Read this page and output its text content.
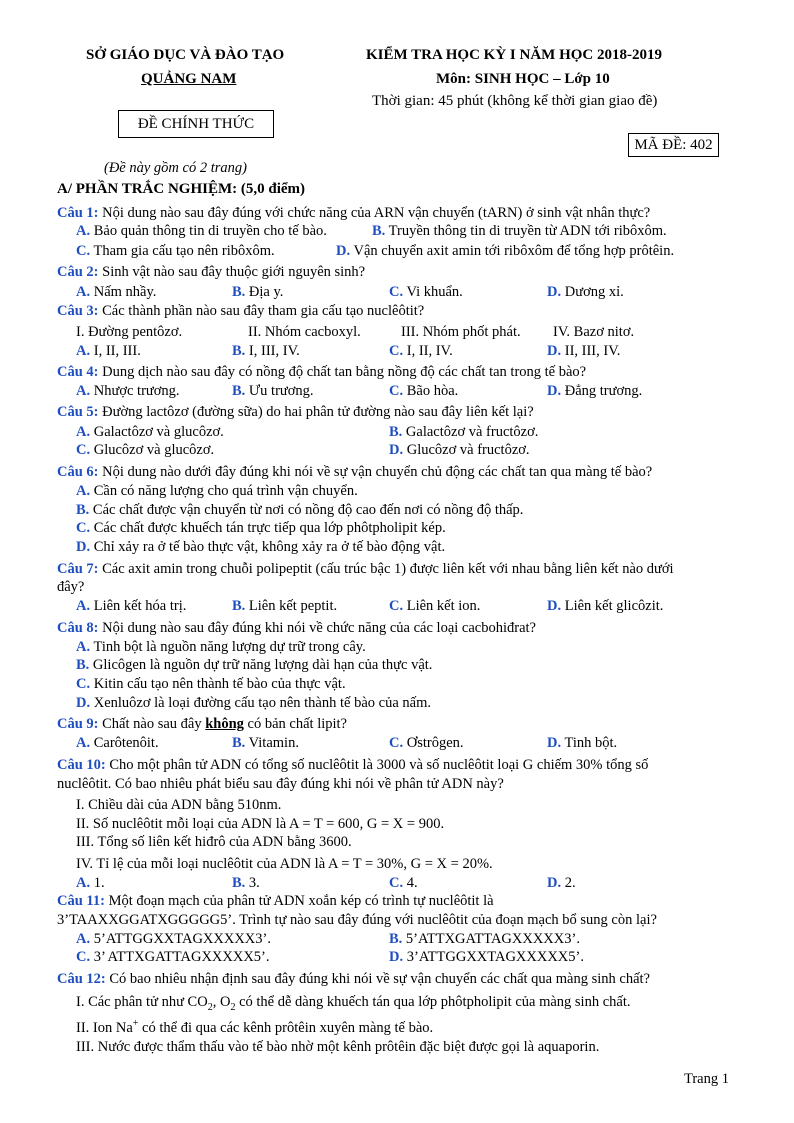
SỞ GIÁO DỤC VÀ ĐÀO TẠO
QUẢNG NAM
KIỂM TRA HỌC KỲ I NĂM HỌC 2018-2019
Môn: SINH HỌC – Lớp 10
Thời gian: 45 phút (không kể thời gian giao đề)
ĐỀ CHÍNH THỨC
MÃ ĐỀ: 402
(Đề này gồm có 2 trang)
A/ PHẦN TRẮC NGHIỆM: (5,0 điểm)
Câu 1: Nội dung nào sau đây đúng với chức năng của ARN vận chuyển (tARN) ở sinh vật nhân thực?
A. Bảo quản thông tin di truyền cho tế bào.	B. Truyền thông tin di truyền từ ADN tới ribôxôm.
C. Tham gia cấu tạo nên ribôxôm.	D. Vận chuyển axit amin tới ribôxôm để tổng hợp prôtêin.
Câu 2: Sinh vật nào sau đây thuộc giới nguyên sinh?
A. Nấm nhầy.	B. Địa y.	C. Vi khuẩn.	D. Dương xỉ.
Câu 3: Các thành phần nào sau đây tham gia cấu tạo nuclêôtit?
I. Đường pentôzơ.	II. Nhóm cacboxyl.	III. Nhóm phốt phát. IV. Bazơ nitơ.
A. I, II, III.	B. I, III, IV.	C. I, II, IV.	D. II, III, IV.
Câu 4: Dung dịch nào sau đây có nồng độ chất tan bằng nồng độ các chất tan trong tế bào?
A. Nhược trương.	B. Ưu trương.	C. Bão hòa.	D. Đẳng trương.
Câu 5: Đường lactôzơ (đường sữa) do hai phân tử đường nào sau đây liên kết lại?
A. Galactôzơ và glucôzơ.	B. Galactôzơ và fructôzơ.
C. Glucôzơ và glucôzơ.	D. Glucôzơ và fructôzơ.
Câu 6: Nội dung nào dưới đây đúng khi nói về sự vận chuyển chủ động các chất tan qua màng tế bào?
A. Cần có năng lượng cho quá trình vận chuyển.
B. Các chất được vận chuyển từ nơi có nồng độ cao đến nơi có nồng độ thấp.
C. Các chất được khuếch tán trực tiếp qua lớp phôtpholipit kép.
D. Chỉ xảy ra ở tế bào thực vật, không xảy ra ở tế bào động vật.
Câu 7: Các axit amin trong chuỗi polipeptit (cấu trúc bậc 1) được liên kết với nhau bằng liên kết nào dưới
đây?
A. Liên kết hóa trị.	B. Liên kết peptit.	C. Liên kết ion.	D. Liên kết glicôzit.
Câu 8: Nội dung nào sau đây đúng khi nói về chức năng của các loại cacbohiđrat?
A. Tinh bột là nguồn năng lượng dự trữ trong cây.
B. Glicôgen là nguồn dự trữ năng lượng dài hạn của thực vật.
C. Kitin cấu tạo nên thành tế bào của thực vật.
D. Xenluôzơ là loại đường cấu tạo nên thành tế bào của nấm.
Câu 9: Chất nào sau đây không có bản chất lipit?
A. Carôtenôit.	B. Vitamin.	C. Ơstrôgen.	D. Tinh bột.
Câu 10: Cho một phân tử ADN có tổng số nuclêôtit là 3000 và số nuclêôtit loại G chiếm 30% tổng số
nuclêôtit. Có bao nhiêu phát biểu sau đây đúng khi nói về phân tử ADN này?
I. Chiều dài của ADN bằng 510nm.
II. Số nuclêôtit mỗi loại của ADN là A = T = 600, G = X = 900.
III. Tổng số liên kết hiđrô của ADN bằng 3600.
IV. Tỉ lệ của mỗi loại nuclêôtit của ADN là A = T = 30%, G = X = 20%.
A. 1.	B. 3.	C. 4.	D. 2.
Câu 11: Một đoạn mạch của phân tử ADN xoắn kép có trình tự nuclêôtit là
3’TAAXXGGATXGGGGG5’. Trình tự nào sau đây đúng với nuclêôtit của đoạn mạch bổ sung còn lại?
A. 5’ATTGGXXTAGXXXXX3’.	B. 5’ATTXGATTAGXXXXX3’.
C. 3’ ATTXGATTAGXXXXX5’.	D. 3’ATTGGXXTAGXXXXX5’.
Câu 12: Có bao nhiêu nhận định sau đây đúng khi nói về sự vận chuyển các chất qua màng sinh chất?
I. Các phân tử như $CO_2$, $O_2$ có thể dễ dàng khuếch tán qua lớp phôtpholipit của màng sinh chất.
II. Ion Na+ có thể đi qua các kênh prôtêin xuyên màng tế bào.
III. Nước được thẩm thấu vào tế bào nhờ một kênh prôtêin đặc biệt được gọi là aquaporin.
Trang 1
